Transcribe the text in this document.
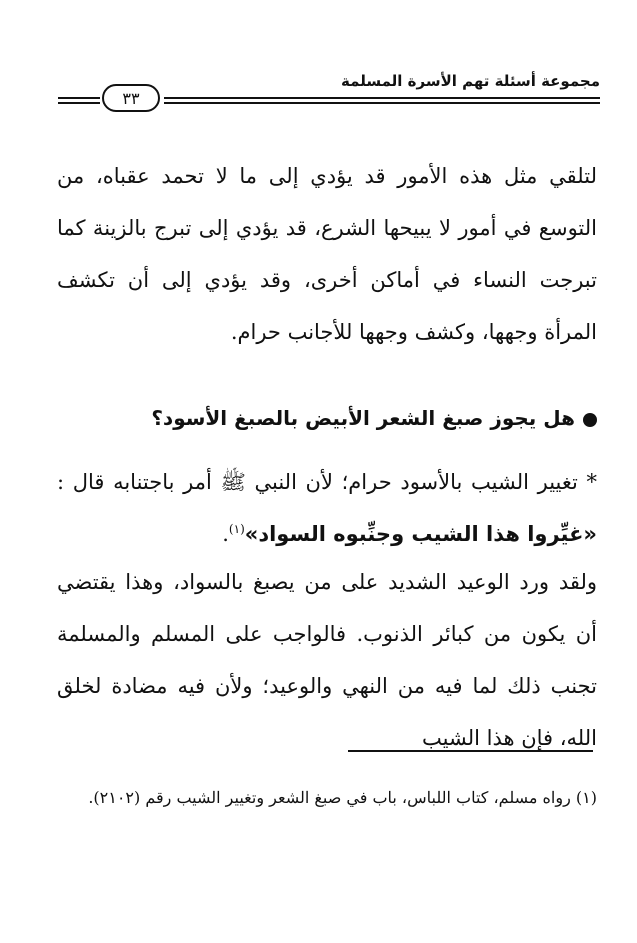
مجموعة أسئلة تهم الأسرة المسلمة
٣٣
لتلقي مثل هذه الأمور قد يؤدي إلى ما لا تحمد عقباه، من التوسع في أمور لا يبيحها الشرع، قد يؤدي إلى تبرج بالزينة كما تبرجت النساء في أماكن أخرى، وقد يؤدي إلى أن تكشف المرأة وجهها، وكشف وجهها للأجانب حرام.
هل يجوز صبغ الشعر الأبيض بالصبغ الأسود؟
* تغيير الشيب بالأسود حرام؛ لأن النبي ﷺ أمر باجتنابه قال : «غيِّروا هذا الشيب وجنِّبوه السواد»$^{(١)}$.
ولقد ورد الوعيد الشديد على من يصبغ بالسواد، وهذا يقتضي أن يكون من كبائر الذنوب. فالواجب على المسلم والمسلمة تجنب ذلك لما فيه من النهي والوعيد؛ ولأن فيه مضادة لخلق الله، فإن هذا الشيب
(١) رواه مسلم، كتاب اللباس، باب في صبغ الشعر وتغيير الشيب رقم (٢١٠٢).
